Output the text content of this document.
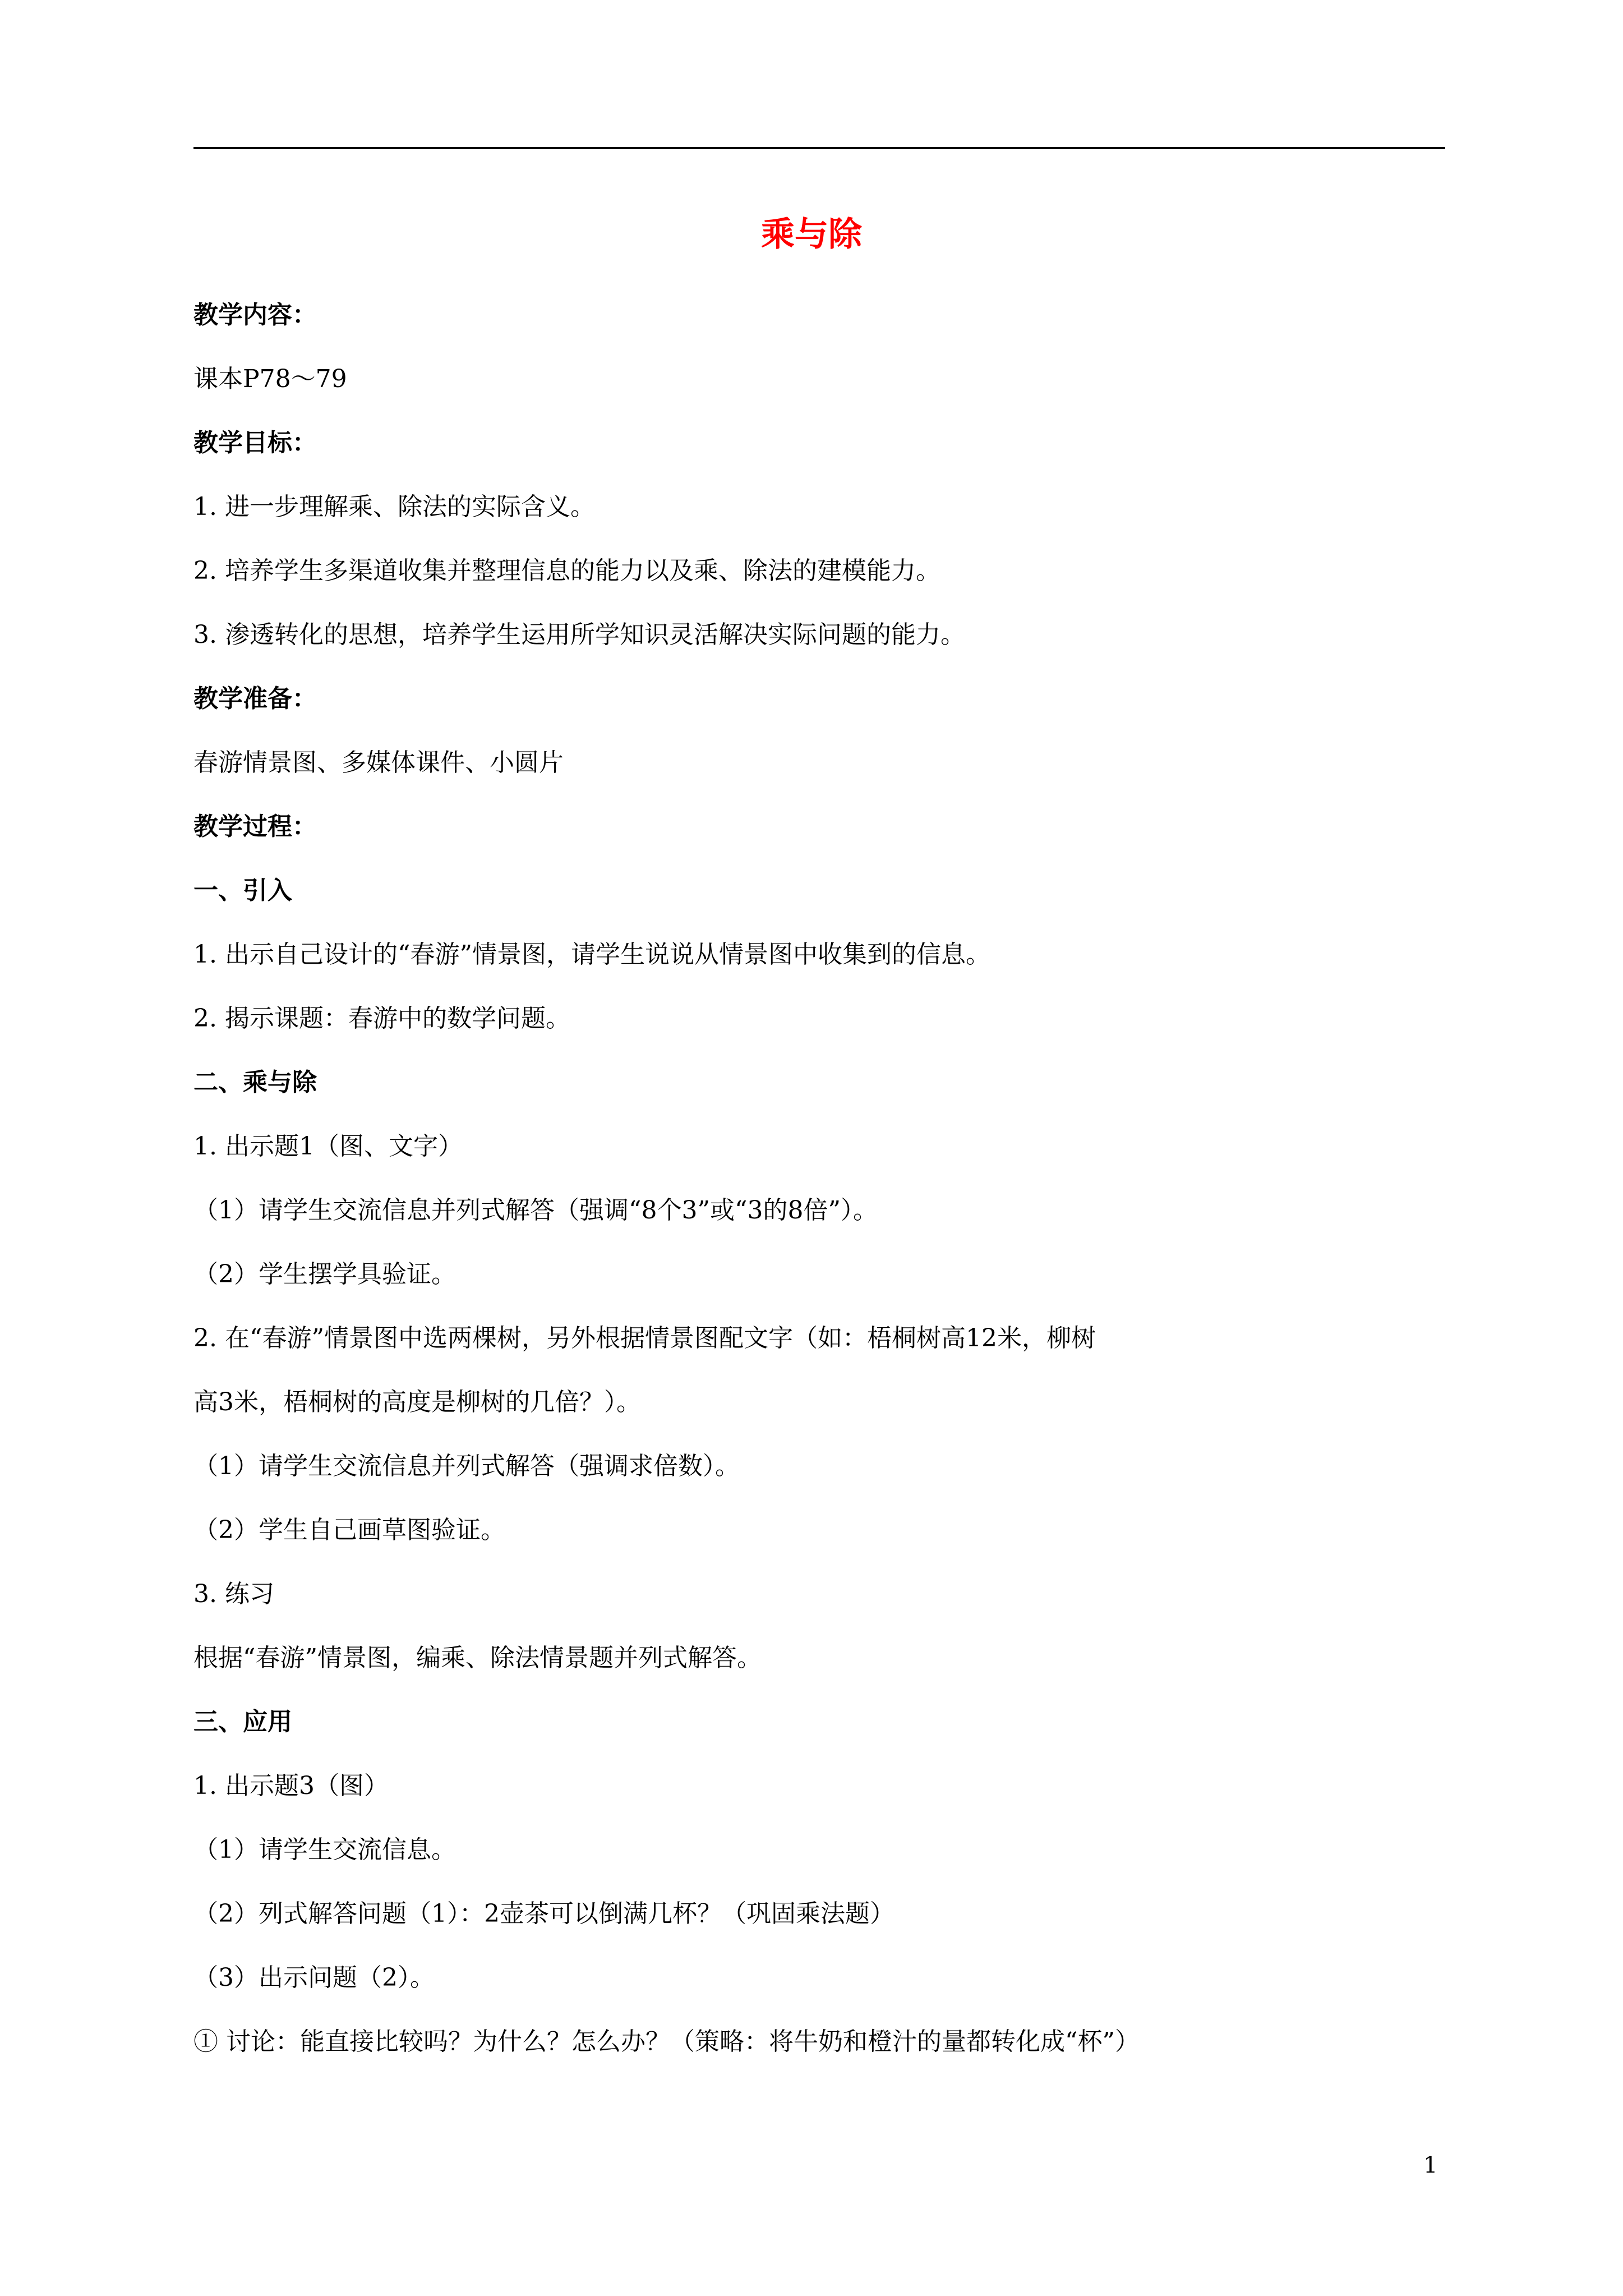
乘与除
教学内容：
课本P78～79
教学目标：
1. 进一步理解乘、除法的实际含义。
2. 培养学生多渠道收集并整理信息的能力以及乘、除法的建模能力。
3. 渗透转化的思想，培养学生运用所学知识灵活解决实际问题的能力。
教学准备：
春游情景图、多媒体课件、小圆片
教学过程：
一、引入
1. 出示自己设计的“春游”情景图，请学生说说从情景图中收集到的信息。
2. 揭示课题：春游中的数学问题。
二、乘与除
1. 出示题1（图、文字）
（1）请学生交流信息并列式解答（强调“8个3”或“3的8倍”）。
（2）学生摆学具验证。
2. 在“春游”情景图中选两棵树，另外根据情景图配文字（如：梧桐树高12米，柳树
高3米，梧桐树的高度是柳树的几倍？）。
（1）请学生交流信息并列式解答（强调求倍数）。
（2）学生自己画草图验证。
3. 练习
根据“春游”情景图，编乘、除法情景题并列式解答。
三、应用
1. 出示题3（图）
（1）请学生交流信息。
（2）列式解答问题（1）：2壶茶可以倒满几杯？（巩固乘法题）
（3）出示问题（2）。
① 讨论：能直接比较吗？为什么？怎么办？（策略：将牛奶和橙汁的量都转化成“杯”）
1
